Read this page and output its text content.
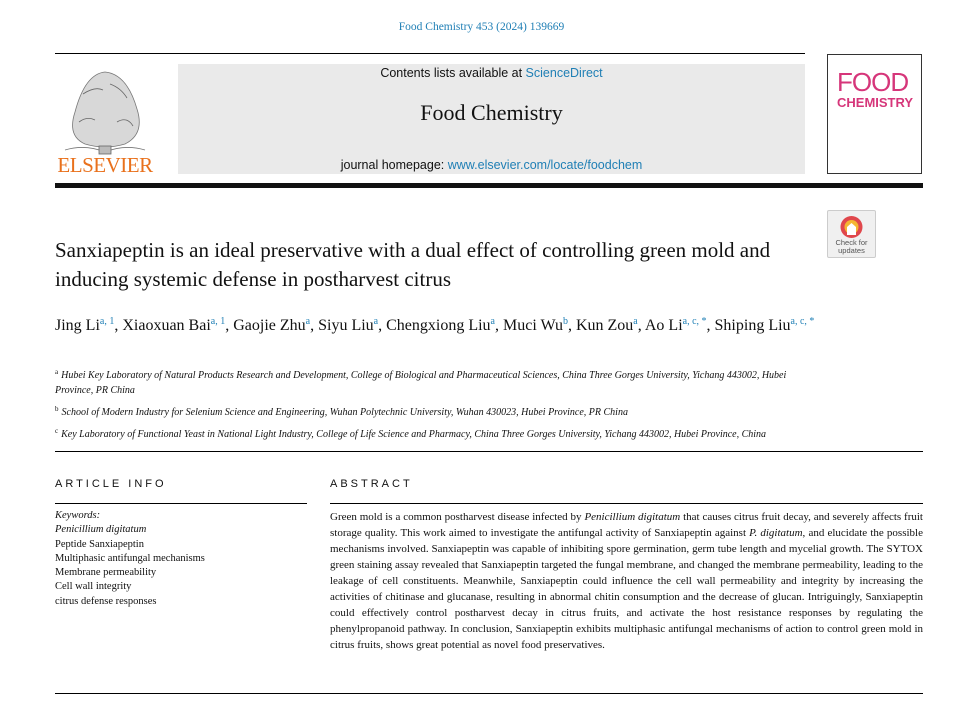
Food Chemistry 453 (2024) 139669
ELSEVIER
Contents lists available at ScienceDirect
Food Chemistry
journal homepage: www.elsevier.com/locate/foodchem
FOOD
CHEMISTRY
Check for updates
Sanxiapeptin is an ideal preservative with a dual effect of controlling green mold and inducing systemic defense in postharvest citrus
Jing Li$^{a, 1}$, Xiaoxuan Bai$^{a, 1}$, Gaojie Zhu$^a$, Siyu Liu$^a$, Chengxiong Liu$^a$, Muci Wu$^b$, Kun Zou$^a$, Ao $Li^{a, c, *}$, Shiping Liu$^{a, c, *}$
$^a$ Hubei Key Laboratory of Natural Products Research and Development, College of Biological and Pharmaceutical Sciences, China Three Gorges University, Yichang 443002, Hubei Province, PR China
$^b$ School of Modern Industry for Selenium Science and Engineering, Wuhan Polytechnic University, Wuhan 430023, Hubei Province, PR China
$^c$ Key Laboratory of Functional Yeast in National Light Industry, College of Life Science and Pharmacy, China Three Gorges University, Yichang 443002, Hubei Province, China
ARTICLE INFO
Keywords:
Penicillium digitatum
Peptide Sanxiapeptin
Multiphasic antifungal mechanisms
Membrane permeability
Cell wall integrity
citrus defense responses
ABSTRACT
Green mold is a common postharvest disease infected by Penicillium digitatum that causes citrus fruit decay, and severely affects fruit storage quality. This work aimed to investigate the antifungal activity of Sanxiapeptin against P. digitatum, and elucidate the possible mechanisms involved. Sanxiapeptin was capable of inhibiting spore germination, germ tube length and mycelial growth. The SYTOX green staining assay revealed that Sanxiapeptin targeted the fungal membrane, and changed the membrane permeability, leading to the leakage of cell constituents. Meanwhile, Sanxiapeptin could influence the cell wall permeability and integrity by increasing the activities of chitinase and glucanase, resulting in abnormal chitin consumption and the decrease of glucan. Intriguingly, Sanxiapeptin could effectively control postharvest decay in citrus fruits, and activate the host resistance responses by regulating the phenylpropanoid pathway. In conclusion, Sanxiapeptin exhibits multiphasic antifungal mechanisms of action to control green mold in citrus fruits, shows great potential as novel food preservatives.
